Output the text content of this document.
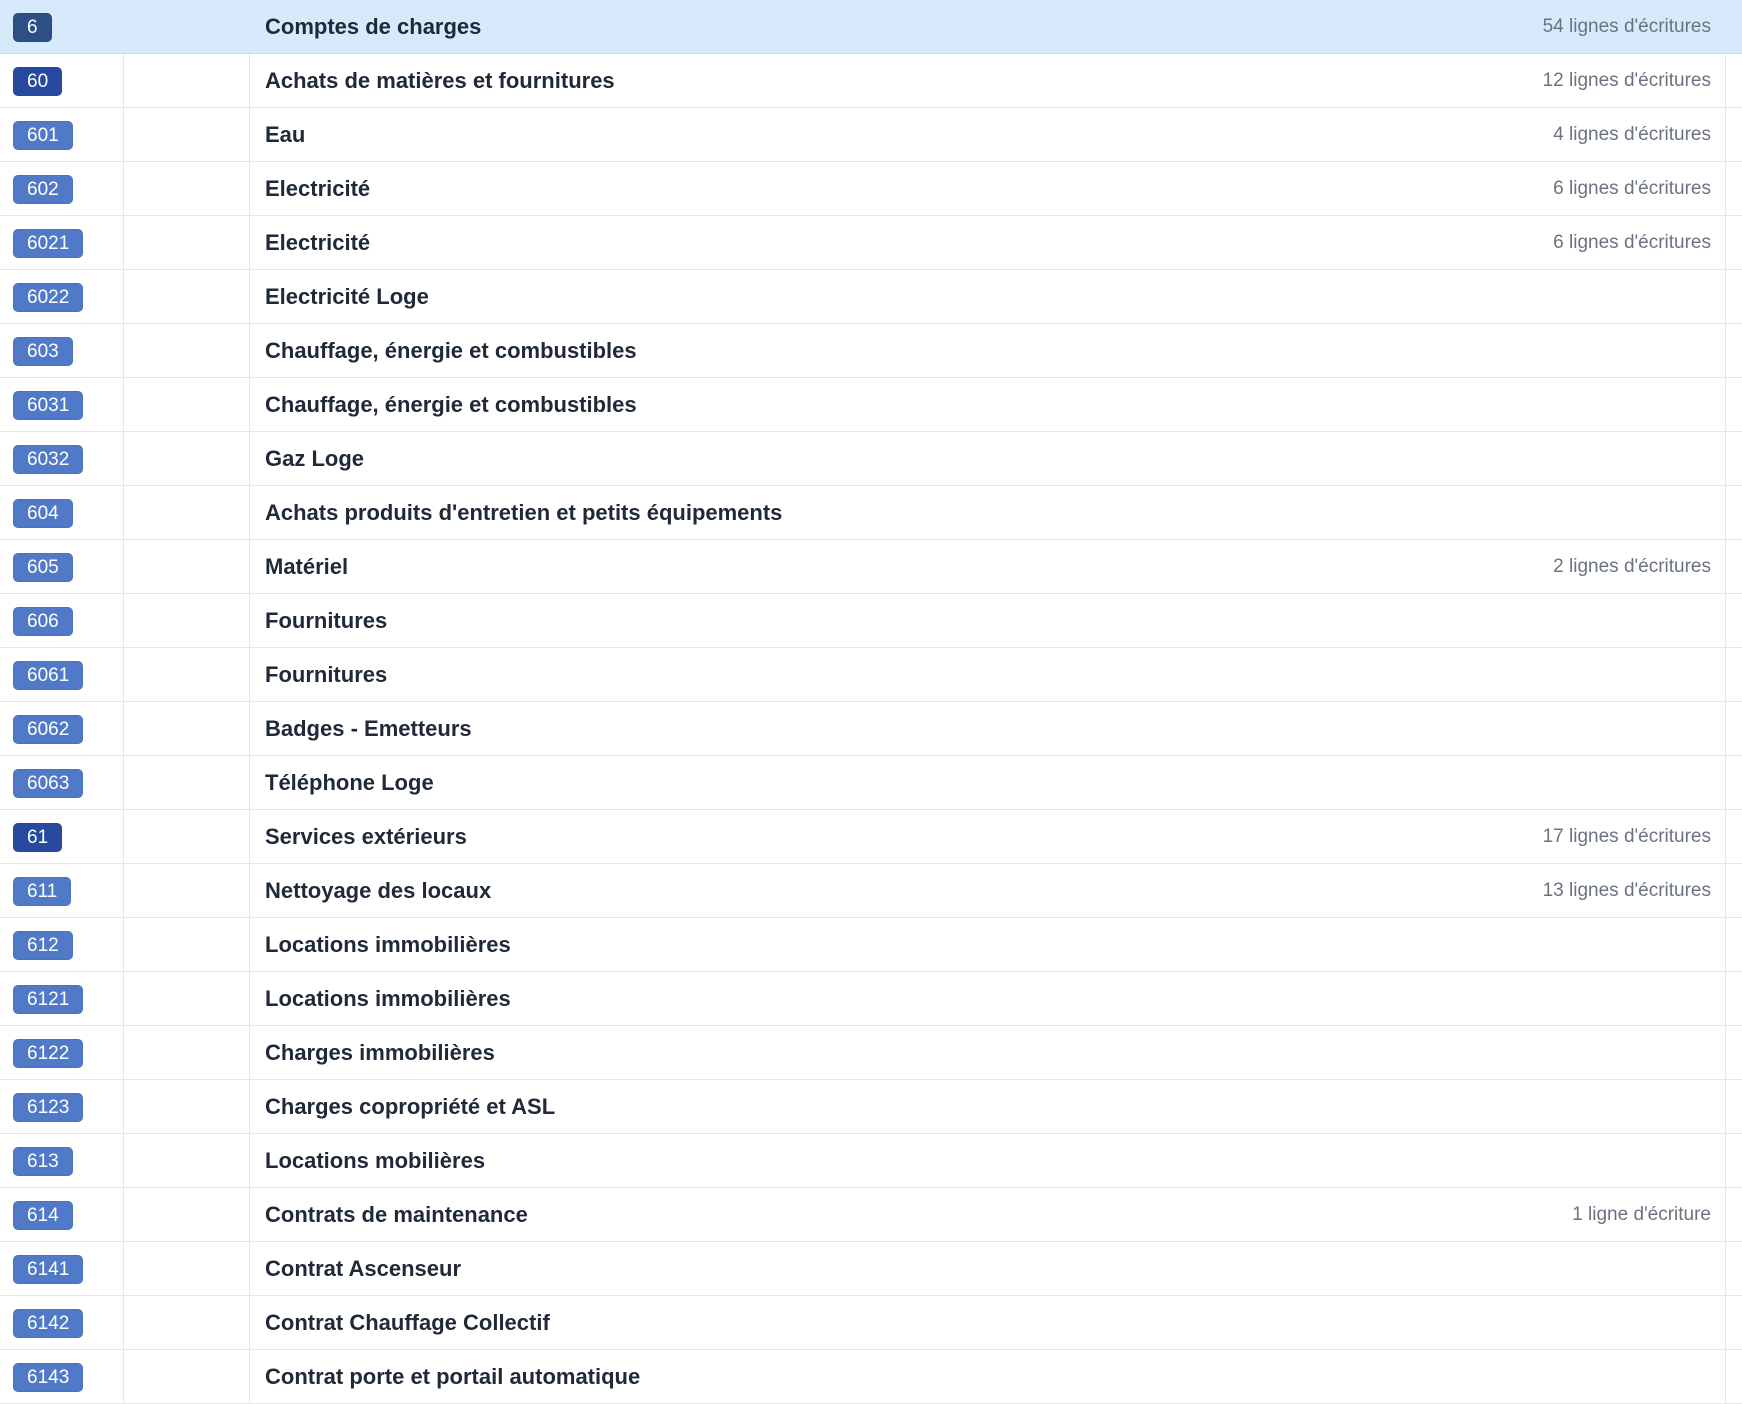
6	Comptes de charges	54 lignes d'écritures
60	Achats de matières et fournitures	12 lignes d'écritures
601	Eau	4 lignes d'écritures
602	Electricité	6 lignes d'écritures
6021	Electricité	6 lignes d'écritures
6022	Electricité Loge
603	Chauffage, énergie et combustibles
6031	Chauffage, énergie et combustibles
6032	Gaz Loge
604	Achats produits d'entretien et petits équipements
605	Matériel	2 lignes d'écritures
606	Fournitures
6061	Fournitures
6062	Badges - Emetteurs
6063	Téléphone Loge
61	Services extérieurs	17 lignes d'écritures
611	Nettoyage des locaux	13 lignes d'écritures
612	Locations immobilières
6121	Locations immobilières
6122	Charges immobilières
6123	Charges copropriété et ASL
613	Locations mobilières
614	Contrats de maintenance	1 ligne d'écriture
6141	Contrat Ascenseur
6142	Contrat Chauffage Collectif
6143	Contrat porte et portail automatique
